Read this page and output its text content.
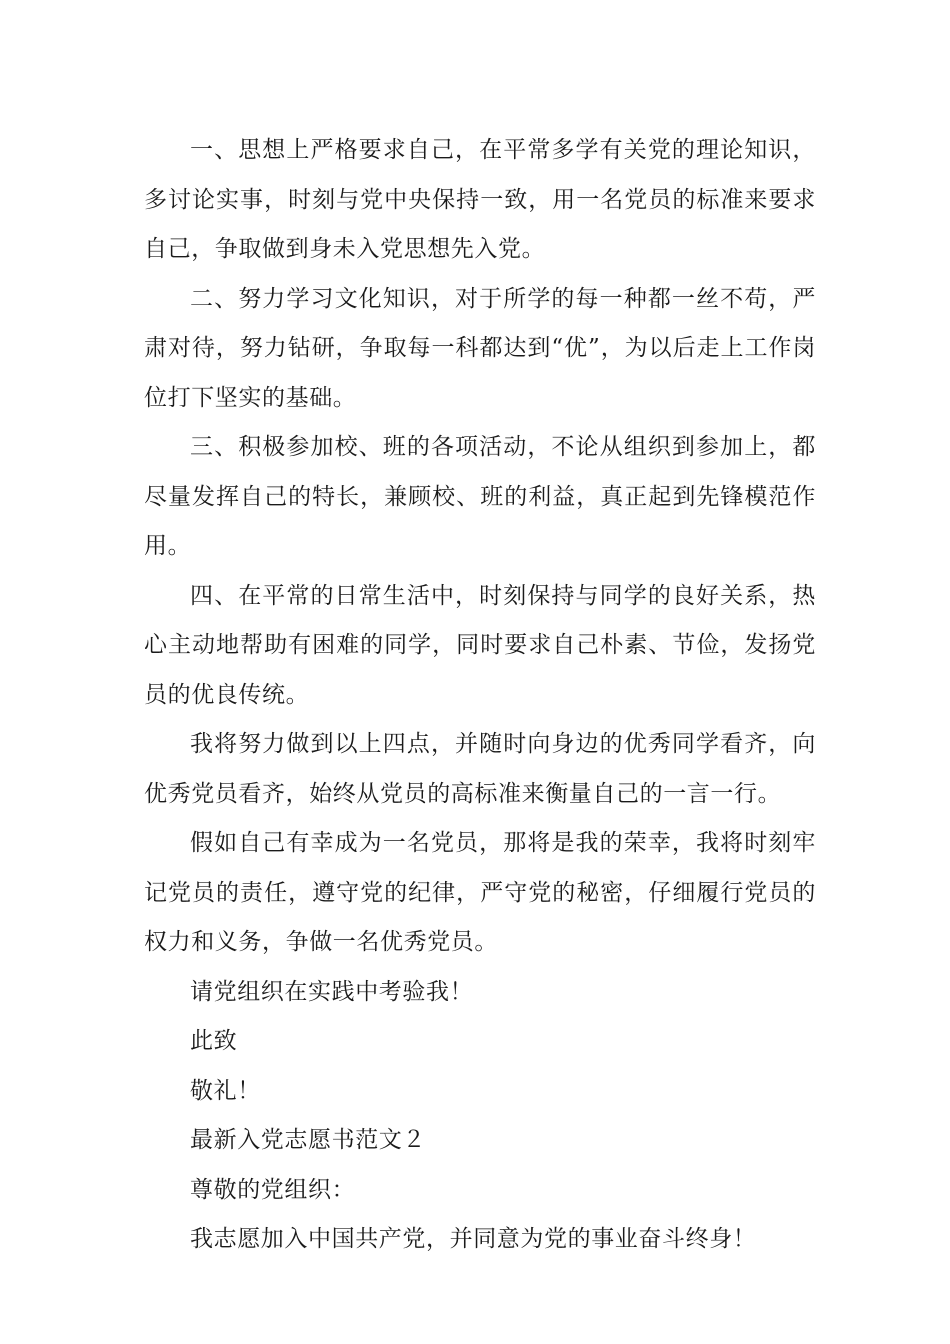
一、思想上严格要求自己，在平常多学有关党的理论知识，多讨论实事，时刻与党中央保持一致，用一名党员的标准来要求自己，争取做到身未入党思想先入党。

二、努力学习文化知识，对于所学的每一种都一丝不苟，严肃对待，努力钻研，争取每一科都达到“优”，为以后走上工作岗位打下坚实的基础。

三、积极参加校、班的各项活动，不论从组织到参加上，都尽量发挥自己的特长，兼顾校、班的利益，真正起到先锋模范作用。

四、在平常的日常生活中，时刻保持与同学的良好关系，热心主动地帮助有困难的同学，同时要求自己朴素、节俭，发扬党员的优良传统。

我将努力做到以上四点，并随时向身边的优秀同学看齐，向优秀党员看齐，始终从党员的高标准来衡量自己的一言一行。

假如自己有幸成为一名党员，那将是我的荣幸，我将时刻牢记党员的责任，遵守党的纪律，严守党的秘密，仔细履行党员的权力和义务，争做一名优秀党员。

请党组织在实践中考验我！

此致

敬礼！

最新入党志愿书范文２

尊敬的党组织：

我志愿加入中国共产党，并同意为党的事业奋斗终身！
